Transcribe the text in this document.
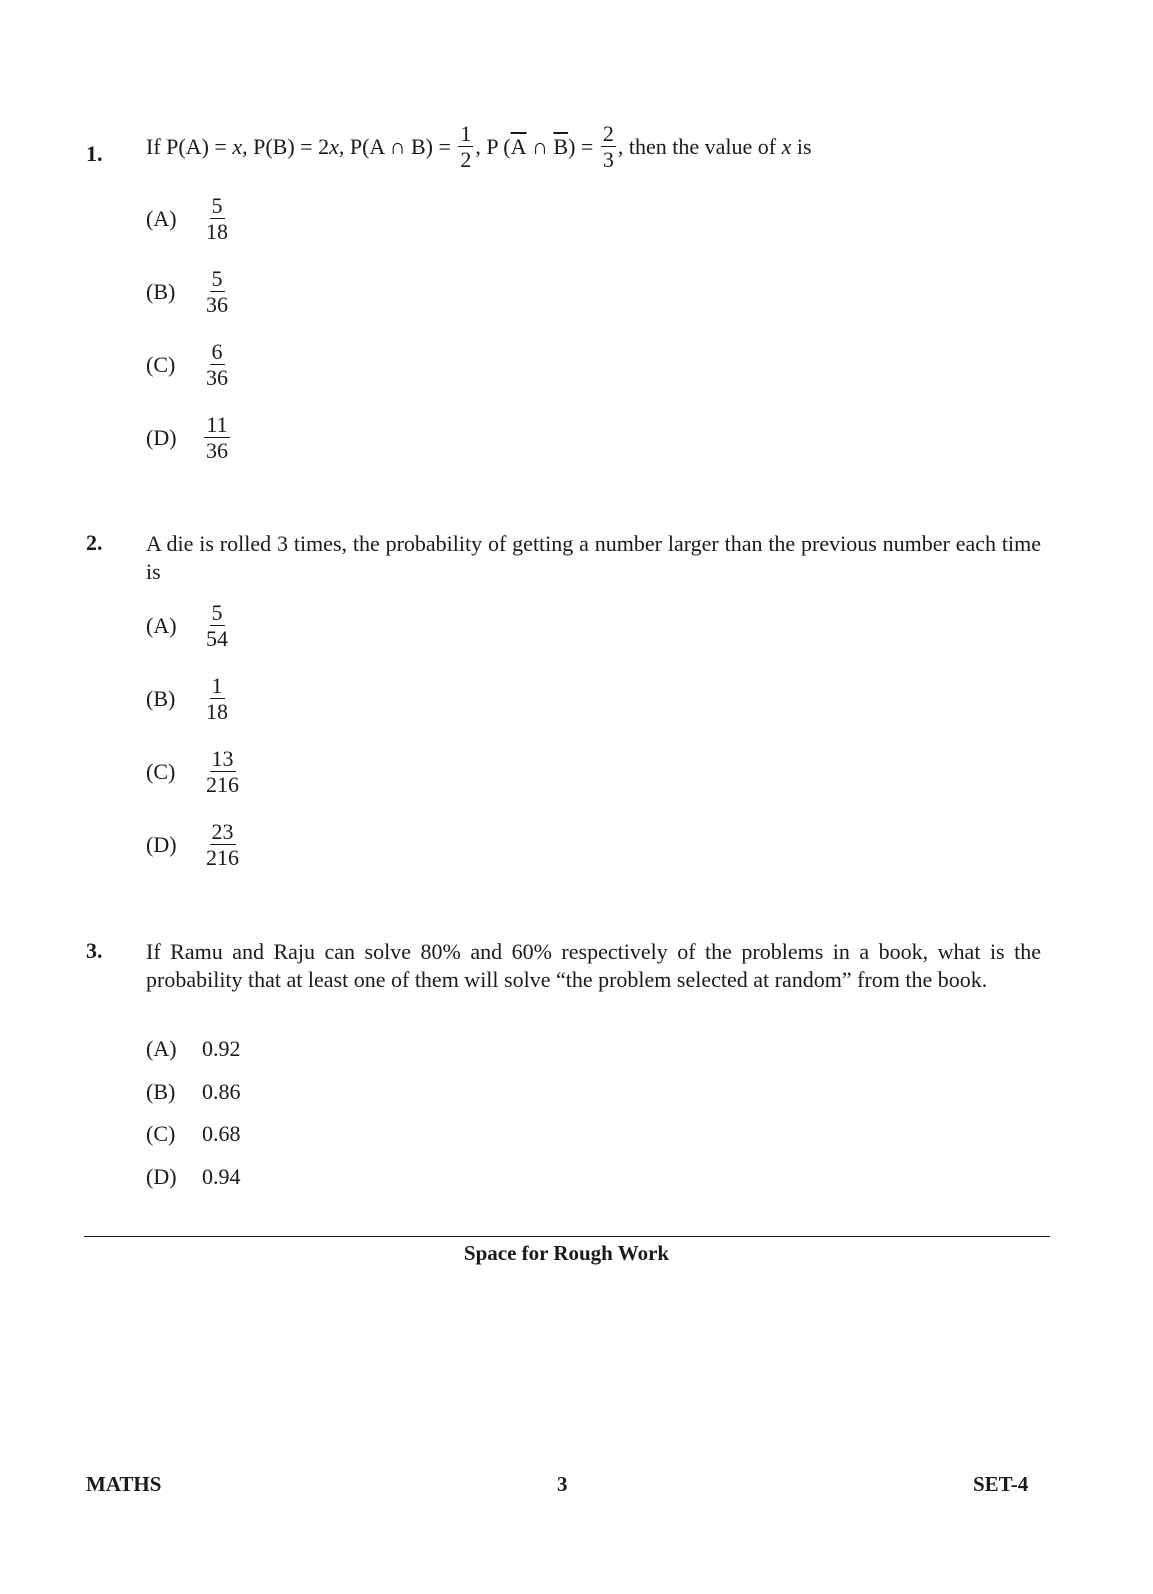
1. If P(A) = x , P(B) = 2 x , P(A ∩ $B) = \frac{1}{2}$ , P ( $\overline{A}$ ∩ $\overline{B}$ ) = $\frac{2}{3}$ , then the value of x is
(A)	$\frac{5}{18}$
(B)	$\frac{5}{36}$
(C)	$\frac{6}{36}$
(D)	$\frac{11}{36}$
2. A die is rolled 3 times, the probability of getting a number larger than the previous number each time is
(A)	$\frac{5}{54}$
(B)	$\frac{1}{18}$
(C)	$\frac{13}{216}$
(D)	$\frac{23}{216}$
3. If Ramu and Raju can solve 80% and 60% respectively of the problems in a book, what is the probability that at least one of them will solve “the problem selected at random” from the book.
(A)	0.92
(B)	0.86
(C)	0.68
(D)	0.94
Space for Rough Work
MATHS	3	SET-4
